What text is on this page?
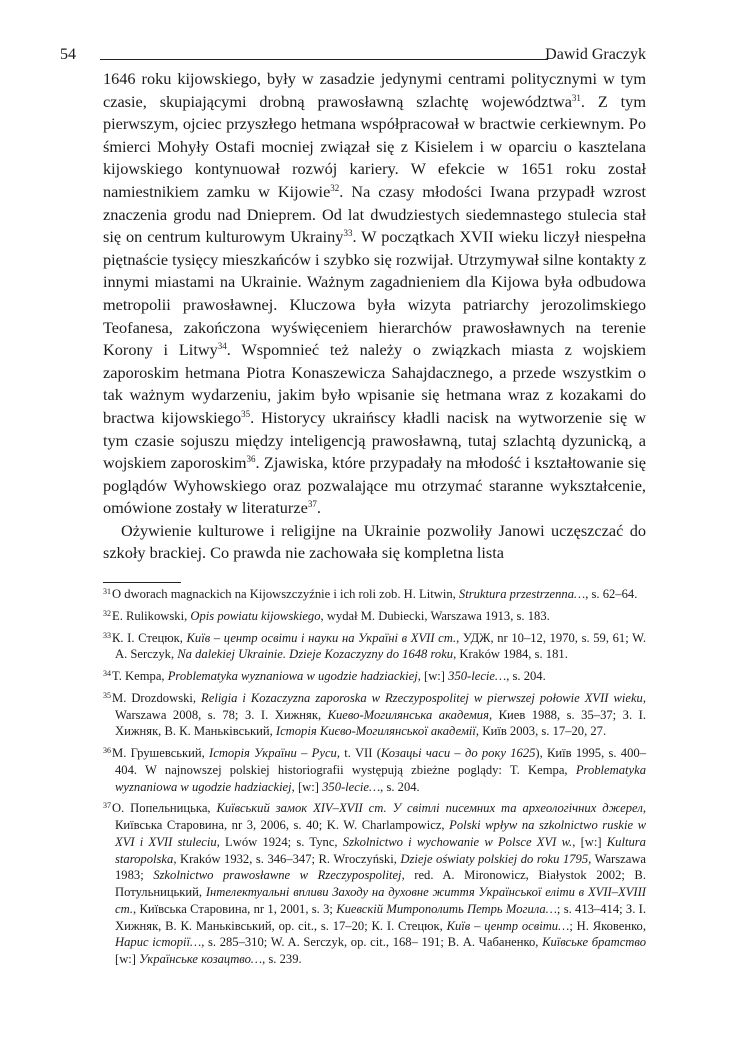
54	Dawid Graczyk

1646 roku kijowskiego, były w zasadzie jedynymi centrami politycznymi w tym czasie, skupiającymi drobną prawosławną szlachtę województwa$^{31}$. Z tym pierwszym, ojciec przyszłego hetmana współpracował w bractwie cerkiewnym. Po śmierci Mohyły Ostafi mocniej związał się z Kisielem i w oparciu o kasztelana kijowskiego kontynuował rozwój kariery. W efekcie w 1651 roku został namiestnikiem zamku w Kijowie$^{32}$. Na czasy młodości Iwana przypadł wzrost znaczenia grodu nad Dnieprem. Od lat dwudziestych siedemnastego stulecia stał się on centrum kulturowym Ukrainy$^{33}$. W początkach XVII wieku liczył niespełna piętnaście tysięcy mieszkańców i szybko się rozwijał. Utrzymywał silne kontakty z innymi miastami na Ukrainie. Ważnym zagadnieniem dla Kijowa była odbudowa metropolii prawosławnej. Kluczowa była wizyta patriarchy jerozolimskiego Teofanesa, zakończona wyświęceniem hierarchów prawosławnych na terenie Korony i Litwy$^{34}$. Wspomnieć też należy o związkach miasta z wojskiem zaporoskim hetmana Piotra Konaszewicza Sahajdacznego, a przede wszystkim o tak ważnym wydarzeniu, jakim było wpisanie się hetmana wraz z kozakami do bractwa kijowskiego$^{35}$. Historycy ukraińscy kładli nacisk na wytworzenie się w tym czasie sojuszu między inteligencją prawosławną, tutaj szlachtą dyzunicką, a wojskiem zaporoskim$^{36}$. Zjawiska, które przypadały na młodość i kształtowanie się poglądów Wyhowskiego oraz pozwalające mu otrzymać staranne wykształcenie, omówione zostały w literaturze$^{37}$.

Ożywienie kulturowe i religijne na Ukrainie pozwoliły Janowi uczęszczać do szkoły brackiej. Co prawda nie zachowała się kompletna lista

$^{31}$O dworach magnackich na Kijowszczyźnie i ich roli zob. H. Litwin, Struktura przestrzenna…, s. 62–64.
$^{32}$E. Rulikowski, Opis powiatu kijowskiego, wydał M. Dubiecki, Warszawa 1913, s. 183.
$^{33}$К. І. Стецюк, Київ – центр освіти і науки на Україні в XVII ст., УДЖ, nr 10–12, 1970, s. 59, 61; W. A. Serczyk, Na dalekiej Ukrainie. Dzieje Kozaczyzny do 1648 roku, Kraków 1984, s. 181.
$^{34}$T. Kempa, Problematyka wyznaniowa w ugodzie hadziackiej, [w:] 350-lecie…, s. 204.
$^{35}$M. Drozdowski, Religia i Kozaczyzna zaporoska w Rzeczypospolitej w pierwszej połowie XVII wieku, Warszawa 2008, s. 78; З. І. Хижняк, Киево-Могилянська академия, Киев 1988, s. 35–37; З. І. Хижняк, В. К. Маньківський, Історія Києво-Могилянської академії, Київ 2003, s. 17–20, 27.
$^{36}$М. Грушевський, Історія України – Руси, t. VII (Козацьі часи – до року 1625), Київ 1995, s. 400–404. W najnowszej polskiej historiografii występują zbieżne poglądy: T. Kempa, Problematyka wyznaniowa w ugodzie hadziackiej, [w:] 350-lecie…, s. 204.
$^{37}$О. Попельницька, Київський замок XIV–XVII ст. У світлі писемних та археологічних джерел, Київська Старовина, nr 3, 2006, s. 40; K. W. Charlampowicz, Polski wpływ na szkolnictwo ruskie w XVI i XVII stuleciu, Lwów 1924; s. Tync, Szkolnictwo i wychowanie w Polsce XVI w., [w:] Kultura staropolska, Kraków 1932, s. 346–347; R. Wroczyński, Dzieje oświaty polskiej do roku 1795, Warszawa 1983; Szkolnictwo prawosławne w Rzeczypospolitej, red. A. Mironowicz, Białystok 2002; В. Потульницький, Інтелектуальні впливи Заходу на духовне життя Української еліти в XVII–XVIII ст., Київська Старовина, nr 1, 2001, s. 3; Киевскій Митрополить Петрь Могила…; s. 413–414; З. І. Хижняк, В. К. Маньківський, op. cit., s. 17–20; К. І. Стецюк, Київ – центр освіти…; Н. Яковенко, Нарис історії…, s. 285–310; W. A. Serczyk, op. cit., 168– 191; В. А. Чабаненко, Київське братство [w:] Українське козацтво…, s. 239.
